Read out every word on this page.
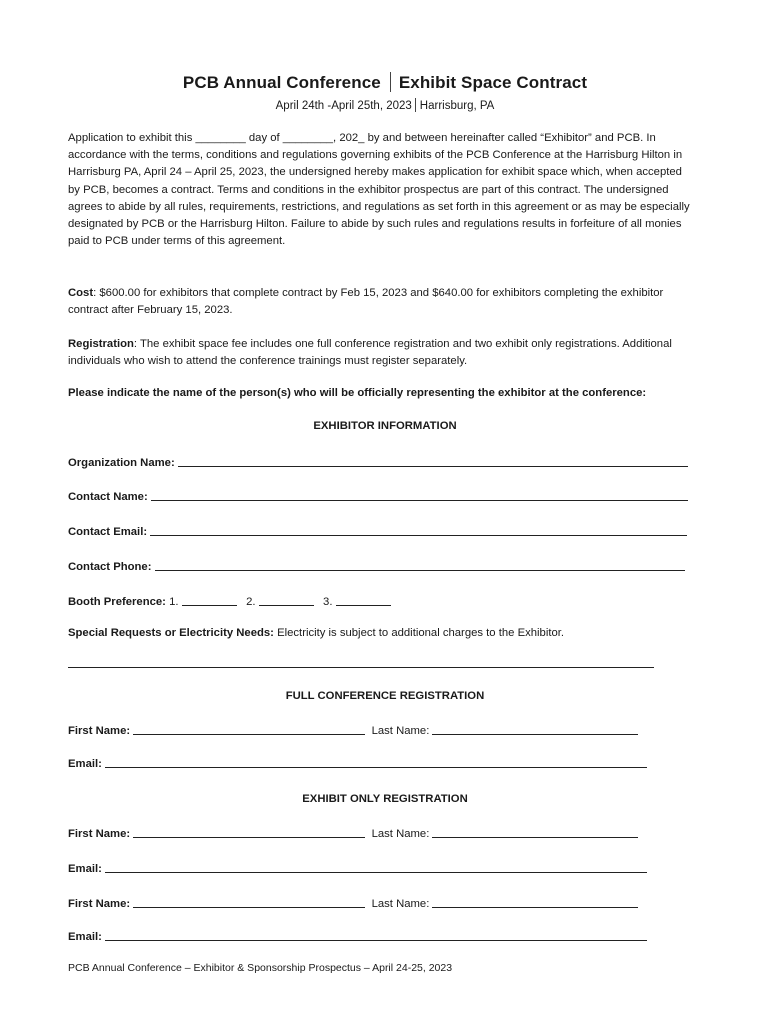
PCB Annual Conference Exhibit Space Contract
April 24th -April 25th, 2023 Harrisburg, PA

Application to exhibit this ________ day of ________, 202_ by and between hereinafter called “Exhibitor” and PCB. In accordance with the terms, conditions and regulations governing exhibits of the PCB Conference at the Harrisburg Hilton in Harrisburg PA, April 24 – April 25, 2023, the undersigned hereby makes application for exhibit space which, when accepted by PCB, becomes a contract. Terms and conditions in the exhibitor prospectus are part of this contract. The undersigned agrees to abide by all rules, requirements, restrictions, and regulations as set forth in this agreement or as may be especially designated by PCB or the Harrisburg Hilton. Failure to abide by such rules and regulations results in forfeiture of all monies paid to PCB under terms of this agreement.

Cost: $600.00 for exhibitors that complete contract by Feb 15, 2023 and $640.00 for exhibitors completing the exhibitor contract after February 15, 2023.

Registration: The exhibit space fee includes one full conference registration and two exhibit only registrations. Additional individuals who wish to attend the conference trainings must register separately.

Please indicate the name of the person(s) who will be officially representing the exhibitor at the conference:

EXHIBITOR INFORMATION

Organization Name:
Contact Name:
Contact Email:
Contact Phone:
Booth Preference: 1.	2.	3.
Special Requests or Electricity Needs: Electricity is subject to additional charges to the Exhibitor.

FULL CONFERENCE REGISTRATION

First Name:	Last Name:
Email:

EXHIBIT ONLY REGISTRATION

First Name:	Last Name:
Email:
First Name:	Last Name:
Email:
PCB Annual Conference – Exhibitor & Sponsorship Prospectus – April 24-25, 2023
